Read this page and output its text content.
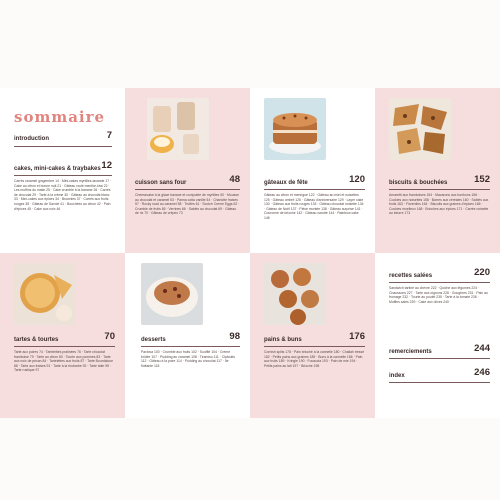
sommaire
introduction	7
cakes, mini-cakes & traybakes 12
Carrés caramel gingembre 14 · Mini-cakes myrtilles-lavande 17 · Cake au citron et bonne nuit 21 · Gâteau roulé menthe-kiwi 22 · Les muffins du matin 25 · Cake crumble à la banane 26 · Carrés de chocolat 29 · Tarte à la crème 30 · Gâteau au chocolat blanc 33 · Mini-cakes aux épices 34 · Brownies 37 · Carrés aux fruits rouges 38 · Gâteau de Savoie 41 · Bouchées au citron 42 · Pain d'épices 45 · Cake aux noix 46
cuisson sans four	48
Cheesecake à la glace banane et compotée de myrtilles 50 · Mousse au chocolat et caramel 53 · Panna cotta vanille 54 · Charlotte fraises 57 · Rocky road au caramel 58 · Truffes 61 · Scotch Creme Eggs 62 · Crumble de fruits 65 · Verrines 66 · Sablés au chocolat 69 · Gâteau de riz 70 · Gâteau de crêpes 73
gâteaux de fête	120
Gâteau au citron et meringue 122 · Gâteau au miel et noisettes 125 · Gâteau ombré 126 · Gâteau d'anniversaire 129 · Layer cake 130 · Gâteau aux fruits rouges 133 · Gâteau chocolat noisette 134 · Gâteau de Noël 137 · Pièce montée 138 · Gâteau surprise 141 · Couronne de brioche 142 · Gâteau carotte 144 · Rainbow cake 146
biscuits & bouchées	152
Amaretti aux framboises 154 · Macarons aux bonbons 156 · Cookies aux noisettes 158 · Barres aux céréales 160 · Sablés aux fruits 163 · Florentins 164 · Biscuits aux graines d'épices 166 · Cookies moelleux 168 · Brioches aux épices 171 · Carrés noisette au beurre 173
tartes & tourtes	70
Tarte aux poires 74 · Tartelettes pralinées 76 · Tarte chocolat framboise 79 · Tarte au citron 80 · Tourte aux pommes 83 · Tarte aux noix de pécan 84 · Tartelettes aux fruits 87 · Tarte Bourdaloue 88 · Tarte aux fraises 91 · Tarte à la rhubarbe 92 · Tarte tatin 95 · Tarte rustique 97
desserts	98
Pavlova 100 · Crumble aux fruits 102 · Soufflé 104 · Crème brûlée 107 · Pudding au caramel 108 · Tiramisu 111 · Clafoutis 112 · Gâteau à la poire 114 · Pudding au chocolat 117 · Île flottante 118
pains & buns	176
Cornish splits 178 · Pain brioché à la cannelle 180 · Challah tressé 182 · Petits pains aux graines 185 · Buns à la cannelle 186 · Pain aux fruits 189 · Kringle 190 · Focaccia 193 · Pain de mie 194 · Petits pains au lait 197 · Brioche 198
recettes salées	220
Sandwich tartiné au chèvre 222 · Quiche aux légumes 224 · Chaussons 227 · Tarte aux oignons 228 · Gougères 231 · Pain au fromage 232 · Tourte au poulet 235 · Tarte à la tomate 236 · Muffins salés 239 · Cake aux olives 240
remerciements	244
index	246
